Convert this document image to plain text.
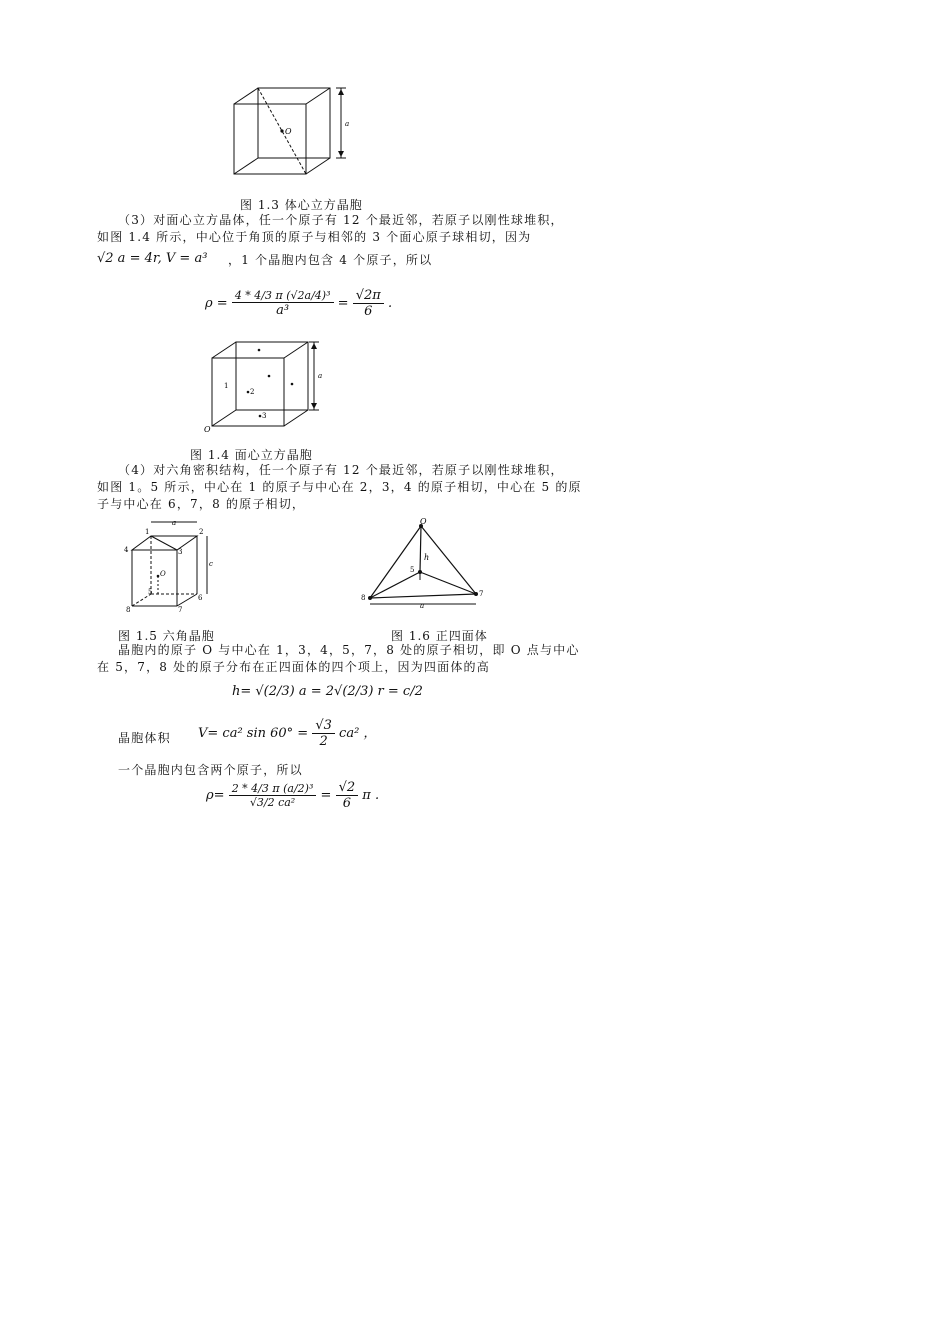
O
a
图 1.3 体心立方晶胞
（3）对面心立方晶体，任一个原子有 12 个最近邻，若原子以刚性球堆积，
如图 1.4 所示，中心位于角顶的原子与相邻的 3 个面心原子球相切，因为
√2 a = 4r, V = a³ ，1 个晶胞内包含 4 个原子，所以
$\rho = \frac{\text{4 * 4/3 π (√2a/4)³}}{\text{a³}} = \frac{√2\pi}{6}$ .
1
2
3
O
a
图 1.4 面心立方晶胞
（4）对六角密积结构，任一个原子有 12 个最近邻，若原子以刚性球堆积，
如图 1。5 所示，中心在 1 的原子与中心在 2，3，4 的原子相切，中心在 5 的原
子与中心在 6，7，8 的原子相切，
4
1	2
3
5
6
7
8
O
a
c
图 1.5 六角晶胞
O
h
5
8	7
a
图 1.6 正四面体
晶胞内的原子 O 与中心在 1，3，4，5，7，8 处的原子相切，即 O 点与中心
在 5，7，8 处的原子分布在正四面体的四个项上，因为四面体的高
h= √(2/3) a = 2√(2/3) r = c/2
晶胞体积 V= ca² $\sin 60^\circ = \frac{√3}{2} ca^2$ ，
一个晶胞内包含两个原子，所以
$\rho= \frac{\text{2 * 4/3 π (a/2)³}}{\text{√3/2 ca²}} = \frac{√2}{6}$ π .
